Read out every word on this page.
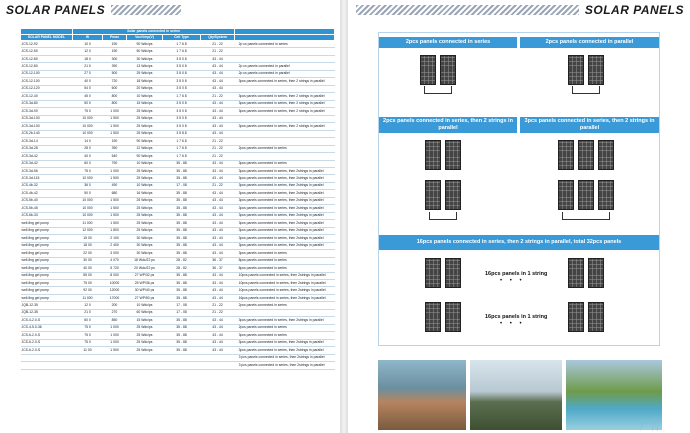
SOLAR PANELS
	Solar panels connected in series					
SOLAR PANEL MODEL	W	Pmax	Voc/Vmp(V)	Cell Type	Qty/System	
JCS-12-92	10 0	190	90 Wdc/ps	1 7 6 8	21 - 22	2p cs panels connected in series
JCS-12-50	12 0	190	50 Wdc/ps	1 7 6 8	21 - 22	
JCS-12-80	18 0	300	30 Wdc/ps	3 5 0 8	43 - 44	
JCS-12-80	21 0	390	13 Wdc/ps	3 5 0 8	43 - 44	2p cs panels connected in parallel
JCS-12-100	27 0	500	25 Wdc/ps	3 5 0 8	43 - 44	2p cs panels connected in parallel
JCS-12-100	40 0	720	18 Wdc/ps	3 5 0 8	43 - 44	3pcs panels connected in series, then 2 strings in parallel
JCS-12-120	54 0	600	20 Wdc/ps	3 5 0 8	43 - 44	
JCS-12-40	45 0	800	10 Wdc/ps	1 7 6 8	21 - 22	3pcs panels connected in series, then 2 strings in parallel
JCS-3d-80	50 0	800	15 Wdc/ps	3 5 0 8	43 - 44	3pcs panels connected in series, then 2 strings in parallel
JCS-3d-90	75 0	1 000	25 Wdc/ps	3 5 0 8	43 - 44	3pcs panels connected in series, then 2 strings in parallel
JCS-3d-100	10 000	1 500	25 Wdc/ps	3 5 0 8	43 - 44	
JCS-3d-100	10 000	1 500	25 Wdc/ps	3 5 0 8	43 - 44	3pcs panels connected in series, then 2 strings in parallel
JCS-2b-140	10 000	1 500	25 Wdc/ps	3 5 8 8	43 - 44	
JCS-3d-14	14 0	190	90 Wdc/ps	1 7 6 8	21 - 22	
JCS-3d-28	28 0	390	12 Wdc/ps	1 7 6 8	21 - 22	2pcs panels connected in series
JCS-3d-42	40 0	540	90 Wdc/ps	1 7 6 8	21 - 22	
JCS-3d-42	60 0	790	10 Wdc/ps	35 - 88	43 - 44	3pcs panels connected in series
JCS-3d-56	75 0	1 000	25 Wdc/ps	35 - 88	43 - 44	3pcs panels connected in series, then 2strings in parallel
JCS-3d-115	10 000	1 500	25 Wdc/ps	35 - 88	43 - 44	3pcs panels connected in series, then 2strings in parallel
JCS-4b-32	36 0	490	10 Wdc/ps	17 - 08	21 - 22	3pcs panels connected in series, then 2strings in parallel
JCS-4b-42	50 0	680	16 Wdc/ps	35 - 88	43 - 44	3pcs panels connected in series, then 2strings in parallel
JCS-5b-40	10 000	1 500	25 Wdc/ps	35 - 88	43 - 44	3pcs panels connected in series, then 2strings in parallel
JCS-5b-45	10 000	1 500	25 Wdc/ps	35 - 88	43 - 44	3pcs panels connected in series, then 2strings in parallel
JCS-6b-33	10 000	1 500	25 Wdc/ps	35 - 88	43 - 44	3pcs panels connected in series, then 2strings in parallel
well-fing gel pump	11 000	1 500	25 Wdc/ps	35 - 88	43 - 44	3pcs panels connected in series, then 2strings in parallel
well-fing gel pump	12 000	1 800	25 Wdc/ps	35 - 88	43 - 44	3pcs panels connected in series, then 2strings in parallel
well-fing gel pump	15 00	2 100	30 Wdc/ps	35 - 88	43 - 44	3pcs panels connected in series, then 2strings in parallel
well-fing gel pump	18 00	2 400	30 Wdc/ps	35 - 88	43 - 44	3pcs panels connected in series, then 2strings in parallel
well-fing gel pump	22 00	3 000	30 Wdc/ps	35 - 88	43 - 44	3pcs panels connected in series
well-fing gel pump	30 00	4 070	18 Wdc/22 ps	28 - 82	36 - 37	8pcs panels connected in series
well-fing gel pump	40 00	5 720	20 Wdc/22 ps	28 - 82	36 - 37	8pcs panels connected in series
well-fing gel pump	55 00	8 000	27 WP/32 ps	35 - 88	43 - 44	10pcs panels connected in series, then 2strings in parallel
well-fing gel pump	75 00	10000	25 WP/36 ps	35 - 88	43 - 44	10pcs panels connected in series, then 2strings in parallel
well-fing gel pump	92 00	12000	30 WP/40 ps	35 - 88	43 - 44	10pcs panels connected in series, then 2strings in parallel
well-fing gel pump	11 000	17000	27 WP/50 ps	35 - 88	43 - 44	16pcs panels connected in series, then 2strings in parallel
JQB-12-35	12 0	200	10 Wdc/ps	17 - 08	21 - 22	2pcs panels connected in series
JQB-12-35	21 0	270	60 Wdc/ps	17 - 08	21 - 22	
JCS-4-2.0-S	60 0	850	15 Wdc/ps	35 - 88	43 - 44	3pcs panels connected in series, then 2strings in parallel
JCS-4-5.0-36	75 0	1 000	25 Wdc/ps	35 - 88	43 - 44	2pcs panels connected in series
JCS-6-2.0-S	75 0	1 000	25 Wdc/ps	35 - 88	43 - 44	3pcs panels connected in series
JCS-6-2.0-S	75 0	1 000	25 Wdc/ps	35 - 88	43 - 44	3pcs panels connected in series, then 2strings in parallel
JCS-6-2.0-S	11 00	1 500	25 Wdc/ps	35 - 88	43 - 44	3pcs panels connected in series, then 2strings in parallel
						3 pcs panels connected in series, then 2strings in parallel
						3 pcs panels connected in series, then 2strings in parallel
SOLAR PANELS
2pcs panels connected in series	2pcs panels connected in parallel
2pcs panels connected in series, then 2 strings in parallel
3pcs panels connected in series, then 2 strings in parallel
16pcs panels connected in series, then 2 strings in parallel, total 32pcs panels
16pcs panels in 1 string
• • •
16pcs panels in 1 string
• • •
广告
